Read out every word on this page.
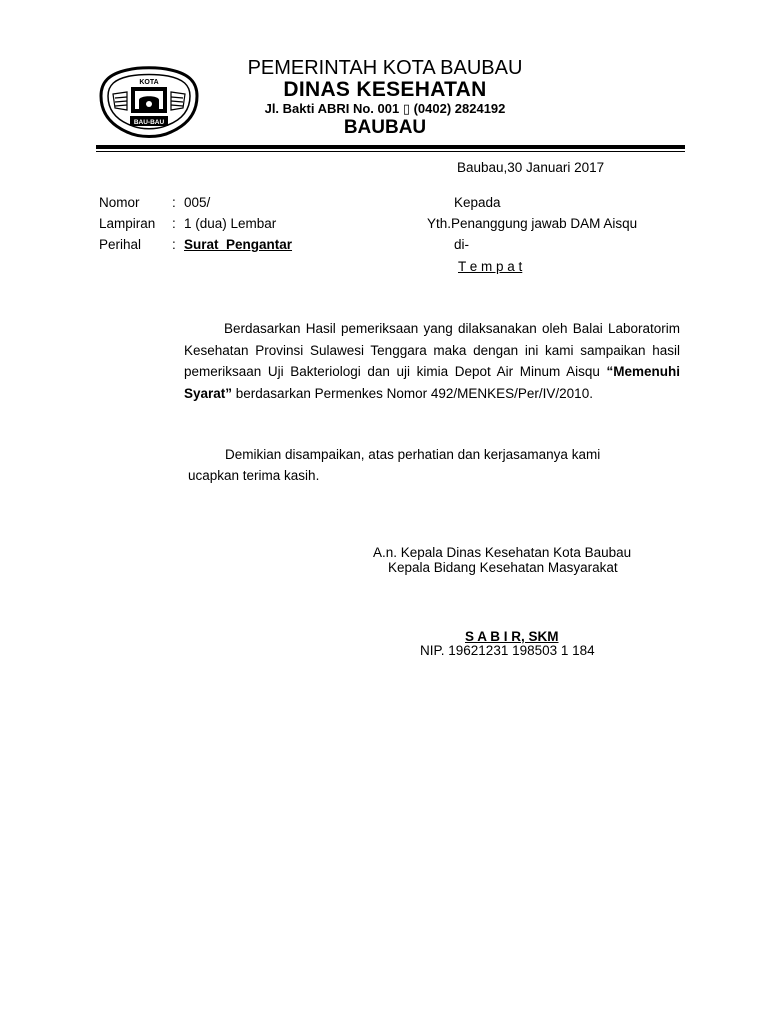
KOTA
BAU-BAU
PEMERINTAH KOTA BAUBAU
DINAS KESEHATAN
Jl. Bakti ABRI No. 001 ▯ (0402) 2824192
BAUBAU
Baubau,30 Januari 2017
Nomor : 005/
Lampiran : 1 (dua) Lembar
Perihal : Surat  Pengantar
Kepada
Yth.Penanggung jawab DAM Aisqu
di-
T e m p a t

Berdasarkan Hasil pemeriksaan yang dilaksanakan oleh Balai Laboratorim Kesehatan Provinsi Sulawesi Tenggara maka dengan ini kami sampaikan hasil pemeriksaan Uji Bakteriologi dan uji kimia Depot Air Minum Aisqu “Memenuhi Syarat” berdasarkan Permenkes Nomor 492/MENKES/Per/IV/2010.

Demikian disampaikan, atas perhatian dan kerjasamanya kami
ucapkan terima kasih.
A.n. Kepala Dinas Kesehatan Kota Baubau
Kepala Bidang Kesehatan Masyarakat
S A B I R, SKM
NIP. 19621231 198503 1 184
